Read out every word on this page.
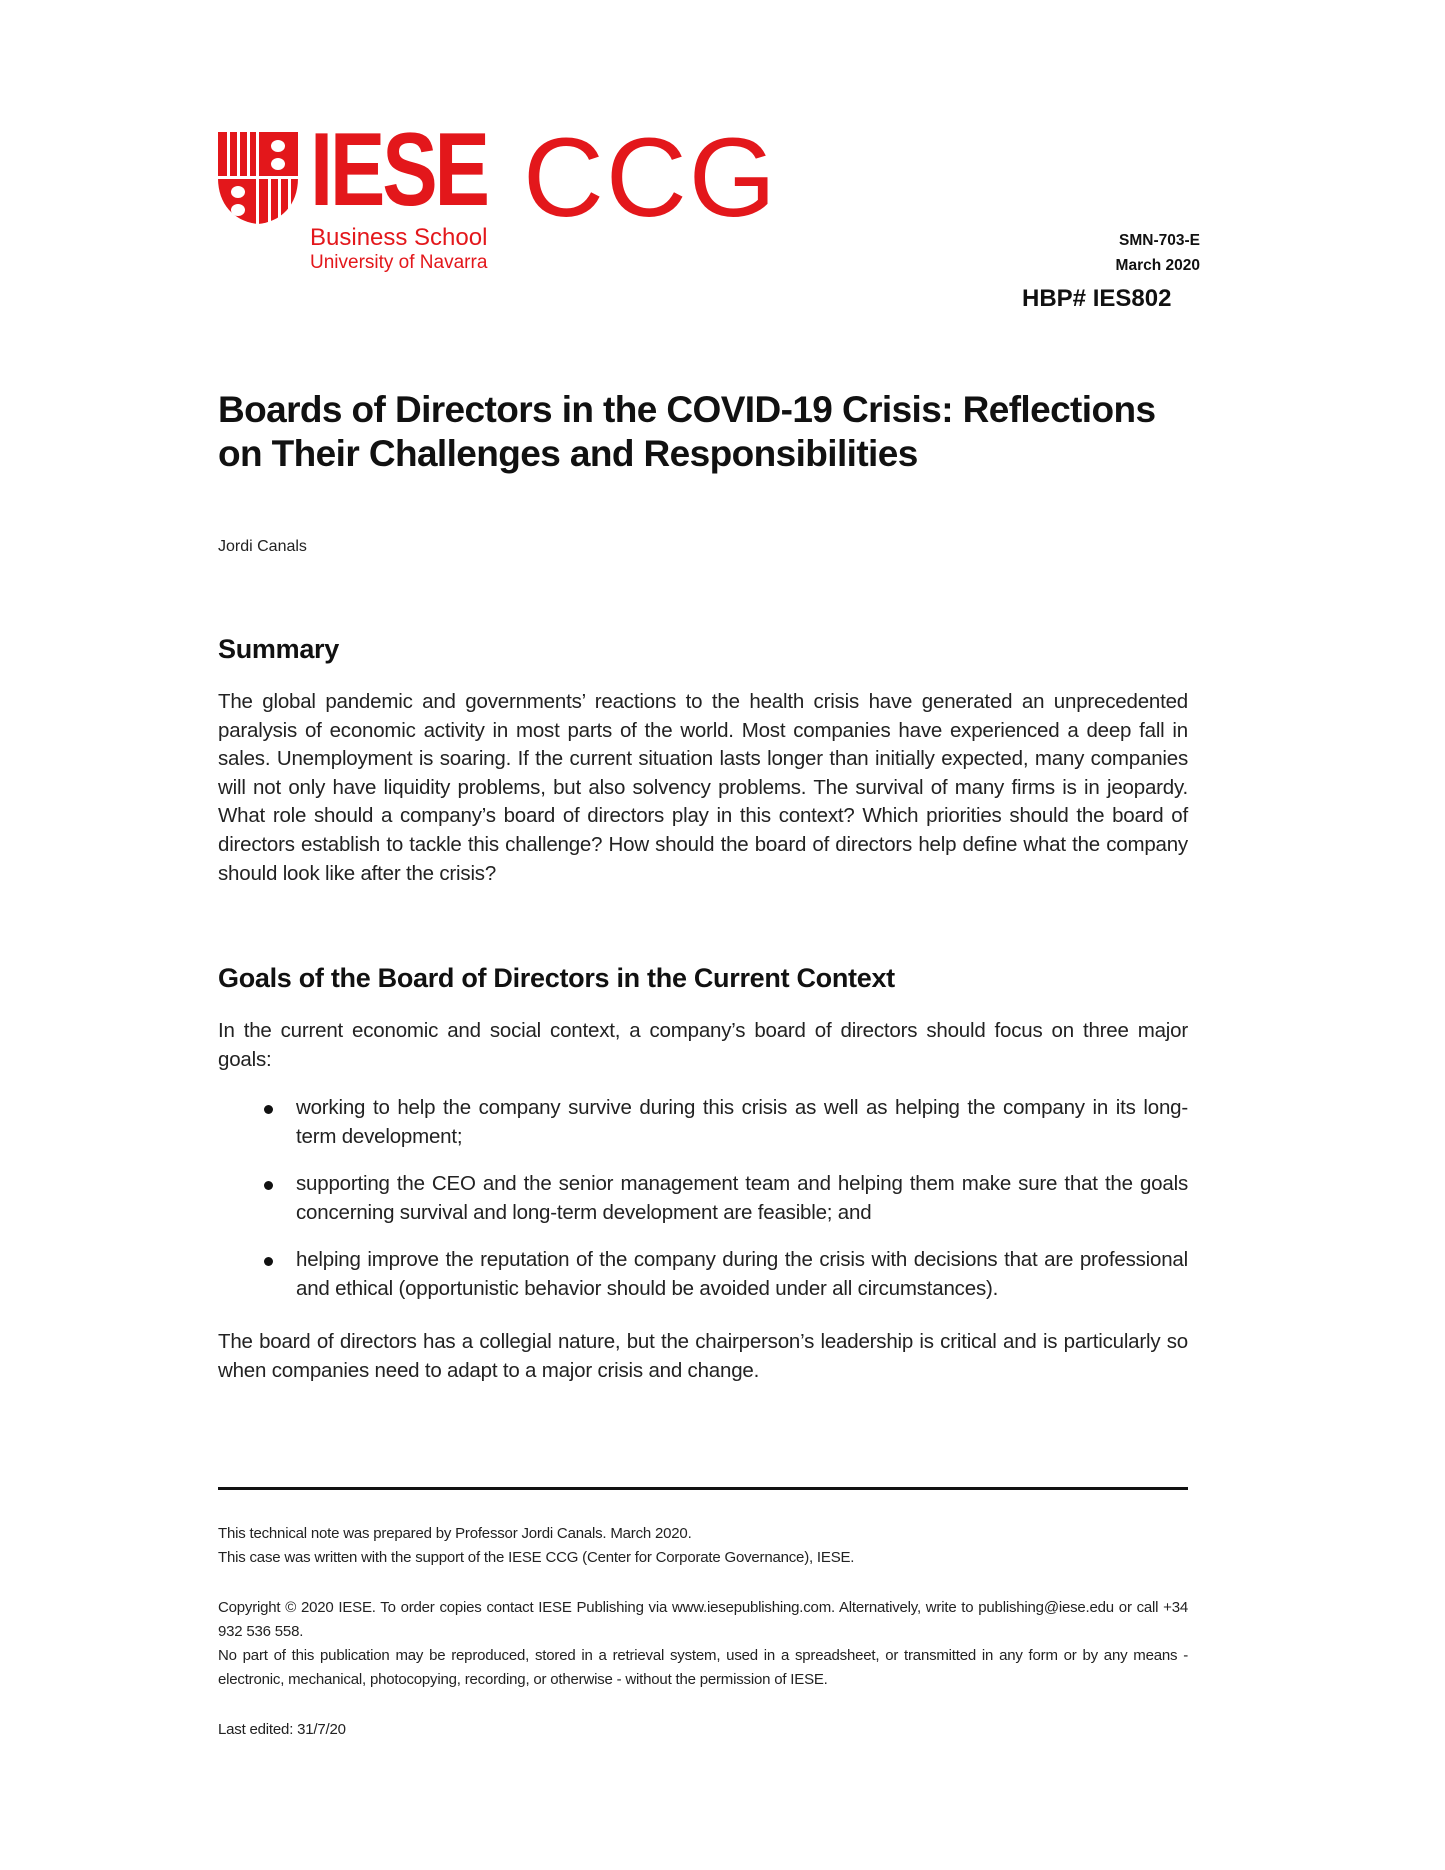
IESE CCG
Business School
University of Navarra
SMN-703-E
March 2020
HBP# IES802
Boards of Directors in the COVID-19 Crisis: Reflections
on Their Challenges and Responsibilities
Jordi Canals
Summary
The global pandemic and governments’ reactions to the health crisis have generated an unprecedented paralysis of economic activity in most parts of the world. Most companies have experienced a deep fall in sales. Unemployment is soaring. If the current situation lasts longer than initially expected, many companies will not only have liquidity problems, but also solvency problems. The survival of many firms is in jeopardy. What role should a company’s board of directors play in this context? Which priorities should the board of directors establish to tackle this challenge? How should the board of directors help define what the company should look like after the crisis?
Goals of the Board of Directors in the Current Context
In the current economic and social context, a company’s board of directors should focus on three major goals:
working to help the company survive during this crisis as well as helping the company in its long-term development;
supporting the CEO and the senior management team and helping them make sure that the goals concerning survival and long-term development are feasible; and
helping improve the reputation of the company during the crisis with decisions that are professional and ethical (opportunistic behavior should be avoided under all circumstances).
The board of directors has a collegial nature, but the chairperson’s leadership is critical and is particularly so when companies need to adapt to a major crisis and change.
This technical note was prepared by Professor Jordi Canals. March 2020.
This case was written with the support of the IESE CCG (Center for Corporate Governance), IESE.
Copyright © 2020 IESE. To order copies contact IESE Publishing via www.iesepublishing.com. Alternatively, write to publishing@iese.edu or call +34 932 536 558.
No part of this publication may be reproduced, stored in a retrieval system, used in a spreadsheet, or transmitted in any form or by any means - electronic, mechanical, photocopying, recording, or otherwise - without the permission of IESE.
Last edited: 31/7/20
